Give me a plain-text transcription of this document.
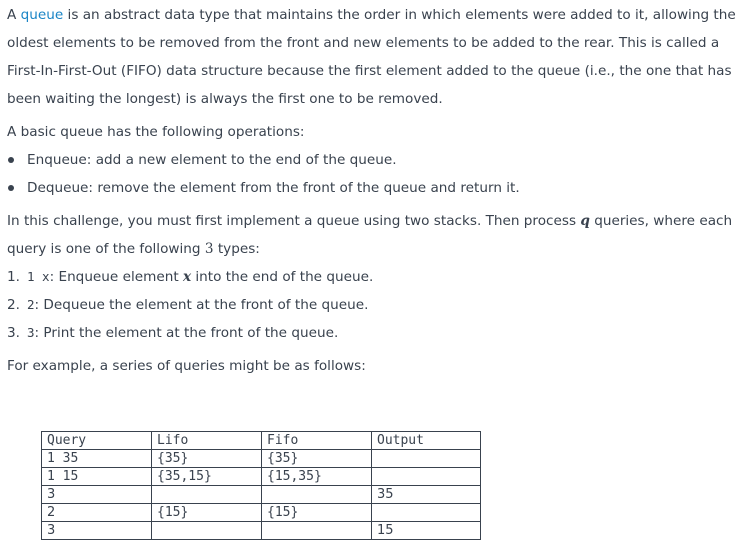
A queue is an abstract data type that maintains the order in which elements were added to it, allowing the oldest elements to be removed from the front and new elements to be added to the rear. This is called a First-In-First-Out (FIFO) data structure because the first element added to the queue (i.e., the one that has been waiting the longest) is always the first one to be removed.

A basic queue has the following operations:

Enqueue: add a new element to the end of the queue.
Dequeue: remove the element from the front of the queue and return it.

In this challenge, you must first implement a queue using two stacks. Then process q queries, where each query is one of the following 3 types:

1. 1 x: Enqueue element x into the end of the queue.
2. 2: Dequeue the element at the front of the queue.
3. 3: Print the element at the front of the queue.

For example, a series of queries might be as follows:

Query	Lifo	Fifo	Output
1 35	{35}	{35}	
1 15	{35,15}	{15,35}	
3			35
2	{15}	{15}	
3			15
